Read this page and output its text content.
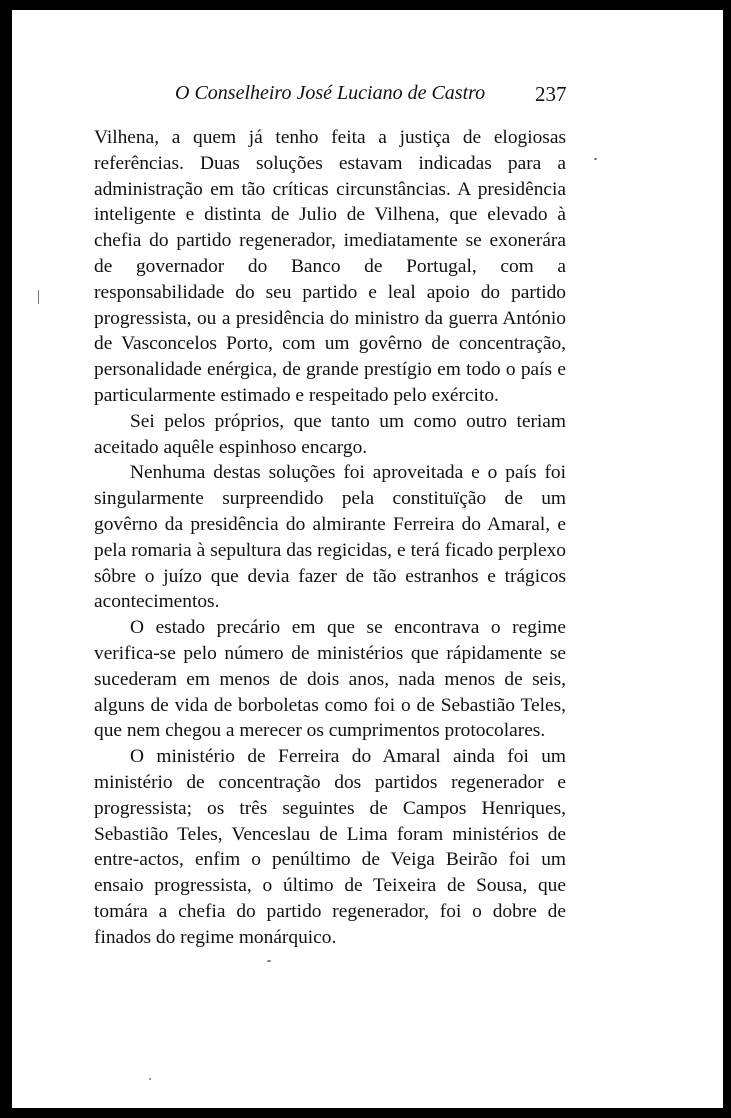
O Conselheiro José Luciano de Castro 237

Vilhena, a quem já tenho feita a justiça de elogiosas referências. Duas soluções estavam indicadas para a administração em tão críticas circunstâncias. A presidência inteligente e distinta de Julio de Vilhena, que elevado à chefia do partido regenerador, imediatamente se exonerára de governador do Banco de Portugal, com a responsabilidade do seu partido e leal apoio do partido progressista, ou a presidência do ministro da guerra António de Vasconcelos Porto, com um govêrno de concentração, personalidade enérgica, de grande prestígio em todo o país e particularmente estimado e respeitado pelo exército.

Sei pelos próprios, que tanto um como outro teriam aceitado aquêle espinhoso encargo.

Nenhuma destas soluções foi aproveitada e o país foi singularmente surpreendido pela constituïção de um govêrno da presidência do almirante Ferreira do Amaral, e pela romaria à sepultura das regicidas, e terá ficado perplexo sôbre o juízo que devia fazer de tão estranhos e trágicos acontecimentos.

O estado precário em que se encontrava o regime verifica-se pelo número de ministérios que rápidamente se sucederam em menos de dois anos, nada menos de seis, alguns de vida de borboletas como foi o de Sebastião Teles, que nem chegou a merecer os cumprimentos protocolares.

O ministério de Ferreira do Amaral ainda foi um ministério de concentração dos partidos regenerador e progressista; os três seguintes de Campos Henriques, Sebastião Teles, Venceslau de Lima foram ministérios de entre-actos, enfim o penúltimo de Veiga Beirão foi um ensaio progressista, o último de Teixeira de Sousa, que tomára a chefia do partido regenerador, foi o dobre de finados do regime monárquico.
